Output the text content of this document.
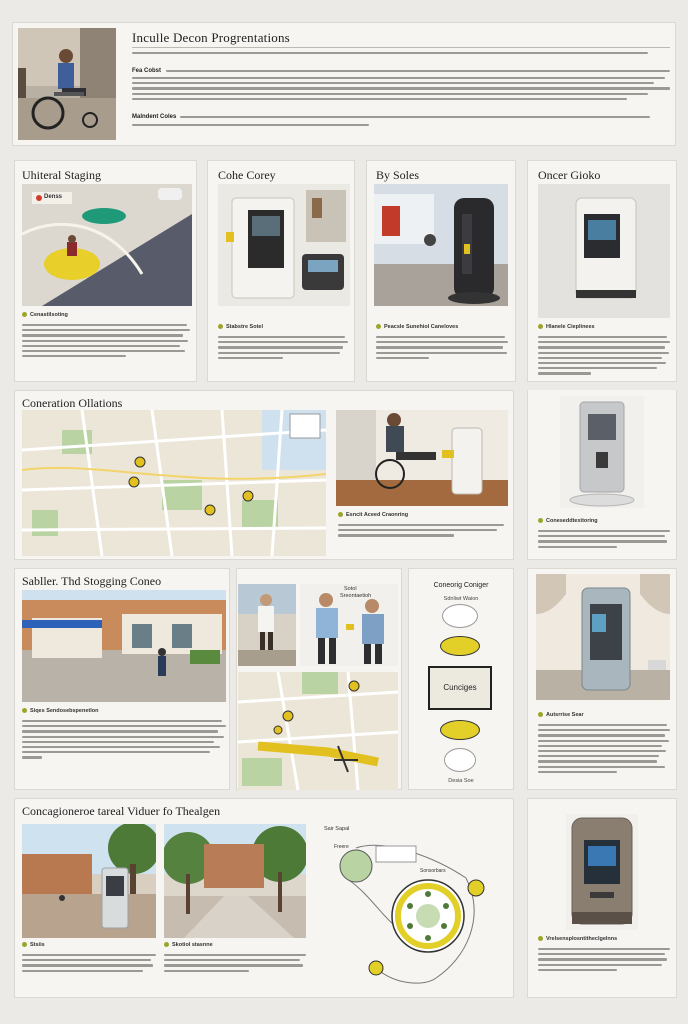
Inculle Decon Progrentations
Fea Cobst
Malndent Coles
Uhiteral Staging
Denss
Cenastilsoting
Cohe Corey
Stabstre Sotel
By Soles
Peacsle Sunehiol Caneloves
Oncer Gioko
Hlanele Cieplinees
Coneration Ollations
Esncit Aceed Craonring
Coneseddtexitoring
Sabller. Thd Stogging Coneo
Siqes Sendosebspenetlon
Sotol
Sreontaetioh
Coneorig Coniger
Sdnliwt Waion
Cunciges
Desia Soe
Autsrrise Sear
Concagioneroe tareal Viduer fo Thealgen
Stsiis	Skotiol stasnne
Sair Sapal
Freere
Sonsorbars
Vrelsensplosntitheclgelnns
